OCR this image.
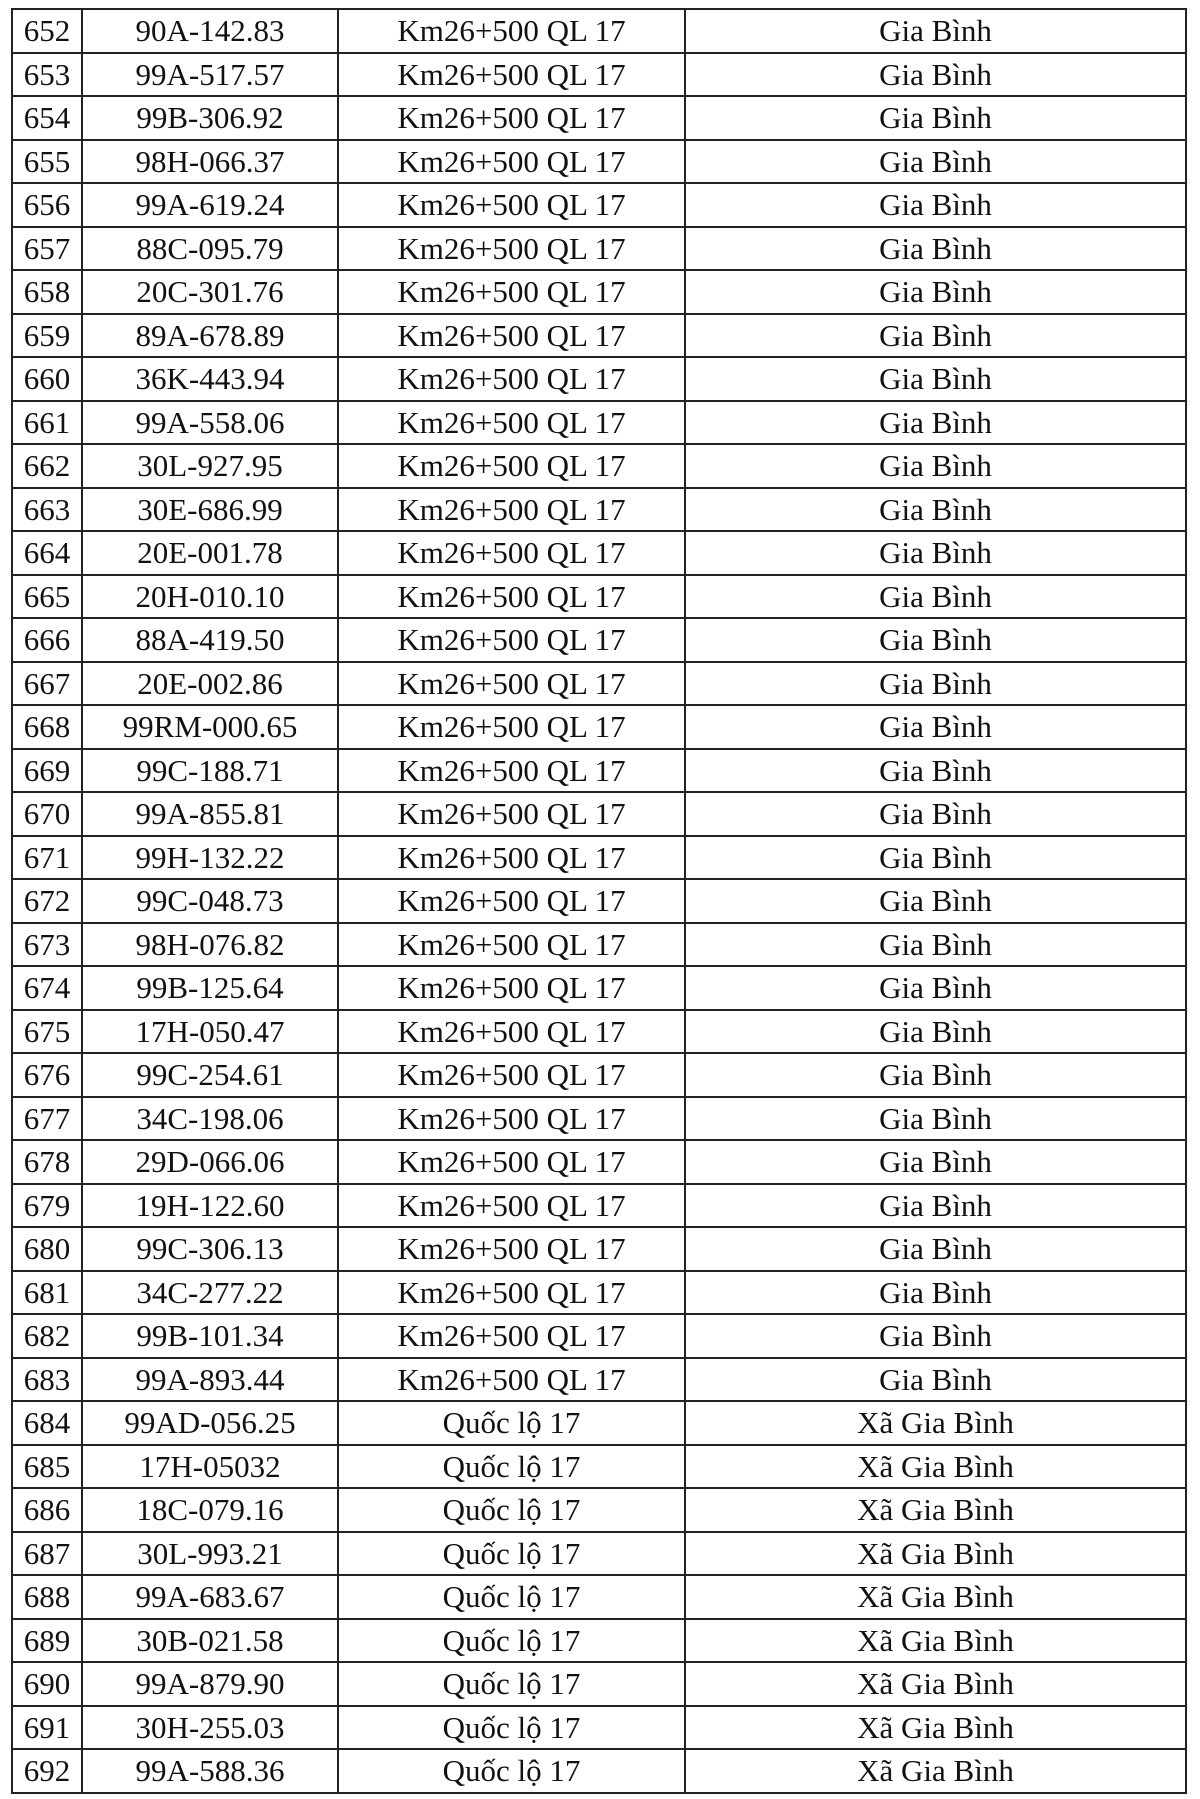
652	90A-142.83	Km26+500 QL 17	Gia Bình
653	99A-517.57	Km26+500 QL 17	Gia Bình
654	99B-306.92	Km26+500 QL 17	Gia Bình
655	98H-066.37	Km26+500 QL 17	Gia Bình
656	99A-619.24	Km26+500 QL 17	Gia Bình
657	88C-095.79	Km26+500 QL 17	Gia Bình
658	20C-301.76	Km26+500 QL 17	Gia Bình
659	89A-678.89	Km26+500 QL 17	Gia Bình
660	36K-443.94	Km26+500 QL 17	Gia Bình
661	99A-558.06	Km26+500 QL 17	Gia Bình
662	30L-927.95	Km26+500 QL 17	Gia Bình
663	30E-686.99	Km26+500 QL 17	Gia Bình
664	20E-001.78	Km26+500 QL 17	Gia Bình
665	20H-010.10	Km26+500 QL 17	Gia Bình
666	88A-419.50	Km26+500 QL 17	Gia Bình
667	20E-002.86	Km26+500 QL 17	Gia Bình
668	99RM-000.65	Km26+500 QL 17	Gia Bình
669	99C-188.71	Km26+500 QL 17	Gia Bình
670	99A-855.81	Km26+500 QL 17	Gia Bình
671	99H-132.22	Km26+500 QL 17	Gia Bình
672	99C-048.73	Km26+500 QL 17	Gia Bình
673	98H-076.82	Km26+500 QL 17	Gia Bình
674	99B-125.64	Km26+500 QL 17	Gia Bình
675	17H-050.47	Km26+500 QL 17	Gia Bình
676	99C-254.61	Km26+500 QL 17	Gia Bình
677	34C-198.06	Km26+500 QL 17	Gia Bình
678	29D-066.06	Km26+500 QL 17	Gia Bình
679	19H-122.60	Km26+500 QL 17	Gia Bình
680	99C-306.13	Km26+500 QL 17	Gia Bình
681	34C-277.22	Km26+500 QL 17	Gia Bình
682	99B-101.34	Km26+500 QL 17	Gia Bình
683	99A-893.44	Km26+500 QL 17	Gia Bình
684	99AD-056.25	Quốc lộ 17	Xã Gia Bình
685	17H-05032	Quốc lộ 17	Xã Gia Bình
686	18C-079.16	Quốc lộ 17	Xã Gia Bình
687	30L-993.21	Quốc lộ 17	Xã Gia Bình
688	99A-683.67	Quốc lộ 17	Xã Gia Bình
689	30B-021.58	Quốc lộ 17	Xã Gia Bình
690	99A-879.90	Quốc lộ 17	Xã Gia Bình
691	30H-255.03	Quốc lộ 17	Xã Gia Bình
692	99A-588.36	Quốc lộ 17	Xã Gia Bình
